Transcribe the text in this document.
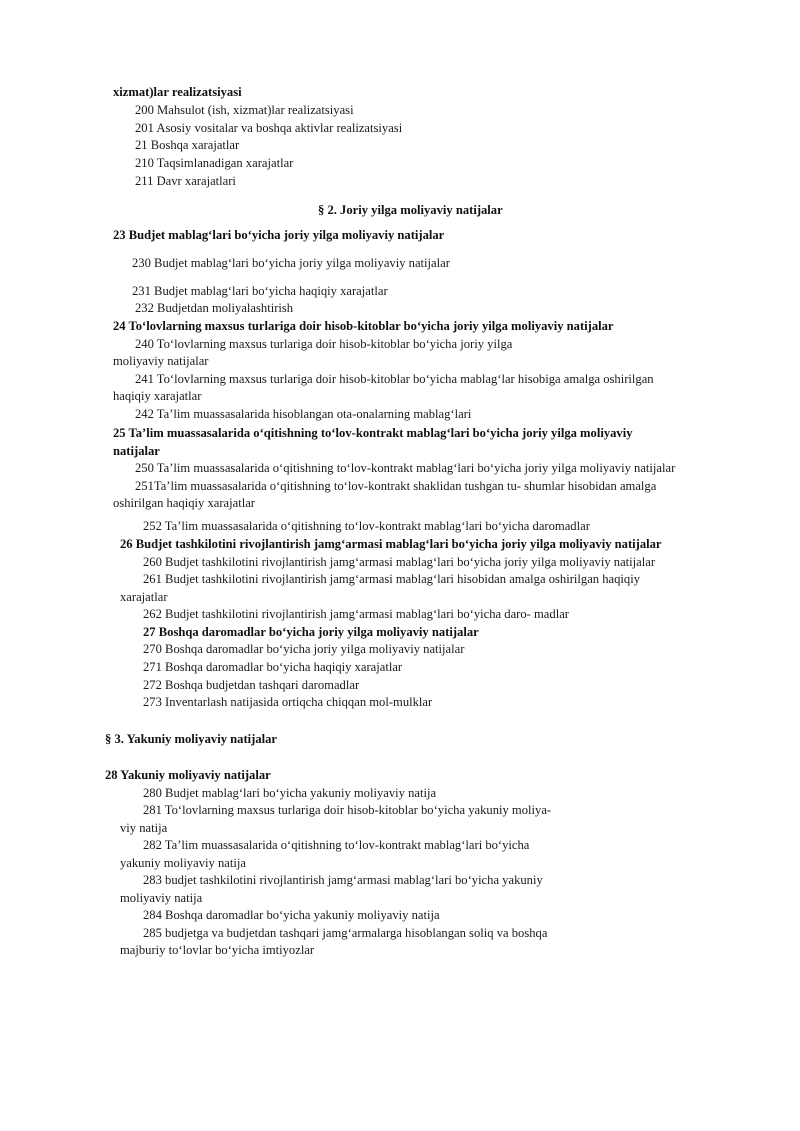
xizmat)lar realizatsiyasi
200 Mahsulot (ish, xizmat)lar realizatsiyasi
201 Asosiy vositalar va boshqa aktivlar realizatsiyasi
21 Boshqa xarajatlar
210 Taqsimlanadigan xarajatlar
211 Davr xarajatlari
§ 2. Joriy yilga moliyaviy natijalar
23 Budjet mablag‘lari bo‘yicha joriy yilga moliyaviy natijalar
230 Budjet mablag‘lari bo‘yicha joriy yilga moliyaviy natijalar
231 Budjet mablag‘lari bo‘yicha haqiqiy xarajatlar
232 Budjetdan moliyalashtirish
24 To‘lovlarning maxsus turlariga doir hisob-kitoblar bo‘yicha joriy yilga moliyaviy natijalar
240 To‘lovlarning maxsus turlariga doir hisob-kitoblar bo‘yicha joriy yilga
moliyaviy natijalar
241 To‘lovlarning maxsus turlariga doir hisob-kitoblar bo‘yicha mablag‘lar hisobiga amalga oshirilgan
haqiqiy xarajatlar
242 Ta’lim muassasalarida hisoblangan ota-onalarning mablag‘lari
25 Ta’lim muassasalarida o‘qitishning to‘lov-kontrakt mablag‘lari bo‘yicha joriy yilga moliyaviy
natijalar
250 Ta’lim muassasalarida o‘qitishning to‘lov-kontrakt mablag‘lari bo‘yicha joriy yilga moliyaviy natijalar
251Ta’lim muassasalarida o‘qitishning to‘lov-kontrakt shaklidan tushgan tu- shumlar hisobidan amalga
oshirilgan haqiqiy xarajatlar
252 Ta’lim muassasalarida o‘qitishning to‘lov-kontrakt mablag‘lari bo‘yicha daromadlar
26 Budjet tashkilotini rivojlantirish jamg‘armasi mablag‘lari bo‘yicha joriy yilga moliyaviy natijalar
260 Budjet tashkilotini rivojlantirish jamg‘armasi mablag‘lari bo‘yicha joriy yilga moliyaviy natijalar
261 Budjet tashkilotini rivojlantirish jamg‘armasi mablag‘lari hisobidan amalga oshirilgan haqiqiy
xarajatlar
262 Budjet tashkilotini rivojlantirish jamg‘armasi mablag‘lari bo‘yicha daro- madlar
27 Boshqa daromadlar bo‘yicha joriy yilga moliyaviy natijalar
270 Boshqa daromadlar bo‘yicha joriy yilga moliyaviy natijalar
271 Boshqa daromadlar bo‘yicha haqiqiy xarajatlar
272 Boshqa budjetdan tashqari daromadlar
273 Inventarlash natijasida ortiqcha chiqqan mol-mulklar
§ 3. Yakuniy moliyaviy natijalar
28 Yakuniy moliyaviy natijalar
280 Budjet mablag‘lari bo‘yicha yakuniy moliyaviy natija
281 To‘lovlarning maxsus turlariga doir hisob-kitoblar bo‘yicha yakuniy moliya-
viy natija
282 Ta’lim muassasalarida o‘qitishning to‘lov-kontrakt mablag‘lari bo‘yicha
yakuniy moliyaviy natija
283 budjet tashkilotini rivojlantirish jamg‘armasi mablag‘lari bo‘yicha yakuniy
moliyaviy natija
284 Boshqa daromadlar bo‘yicha yakuniy moliyaviy natija
285 budjetga va budjetdan tashqari jamg‘armalarga hisoblangan soliq va boshqa
majburiy to‘lovlar bo‘yicha imtiyozlar
